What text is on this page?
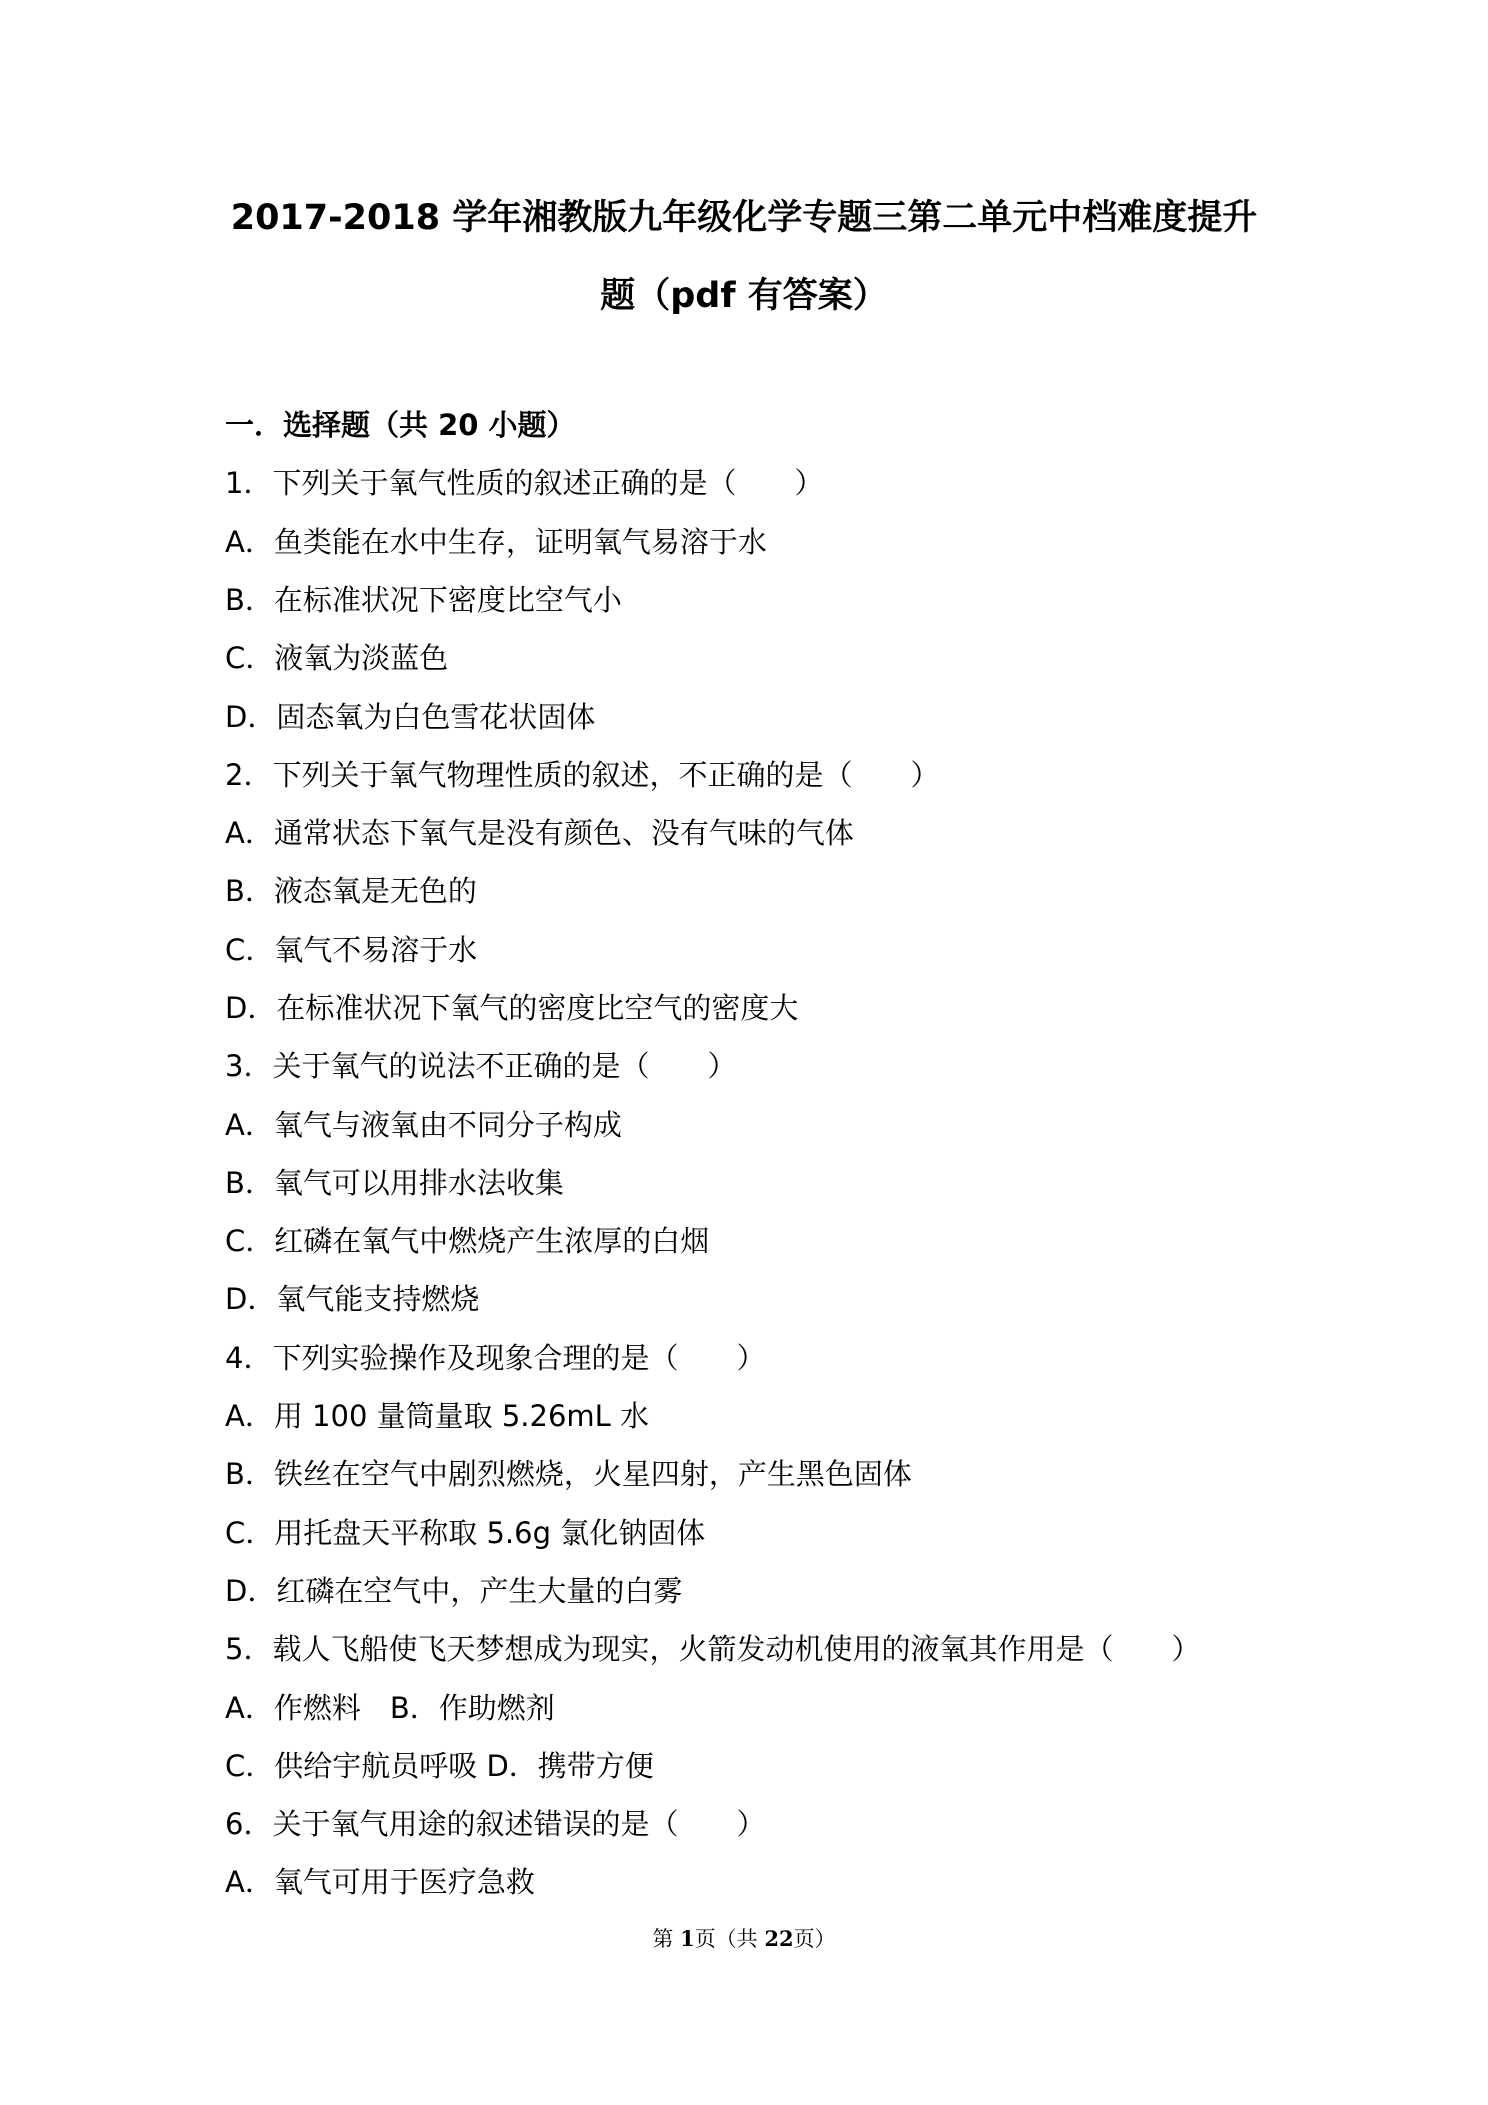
2017-2018 学年湘教版九年级化学专题三第二单元中档难度提升
题（pdf 有答案）
一．选择题（共 20 小题）
1．下列关于氧气性质的叙述正确的是（　　）
A．鱼类能在水中生存，证明氧气易溶于水
B．在标准状况下密度比空气小
C．液氧为淡蓝色
D．固态氧为白色雪花状固体
2．下列关于氧气物理性质的叙述，不正确的是（　　）
A．通常状态下氧气是没有颜色、没有气味的气体
B．液态氧是无色的
C．氧气不易溶于水
D．在标准状况下氧气的密度比空气的密度大
3．关于氧气的说法不正确的是（　　）
A．氧气与液氧由不同分子构成
B．氧气可以用排水法收集
C．红磷在氧气中燃烧产生浓厚的白烟
D．氧气能支持燃烧
4．下列实验操作及现象合理的是（　　）
A．用 100 量筒量取 5.26mL 水
B．铁丝在空气中剧烈燃烧，火星四射，产生黑色固体
C．用托盘天平称取 5.6g 氯化钠固体
D．红磷在空气中，产生大量的白雾
5．载人飞船使飞天梦想成为现实，火箭发动机使用的液氧其作用是（　　）
A．作燃料　B．作助燃剂
C．供给宇航员呼吸 D．携带方便
6．关于氧气用途的叙述错误的是（　　）
A．氧气可用于医疗急救
第 1页（共 22页）
